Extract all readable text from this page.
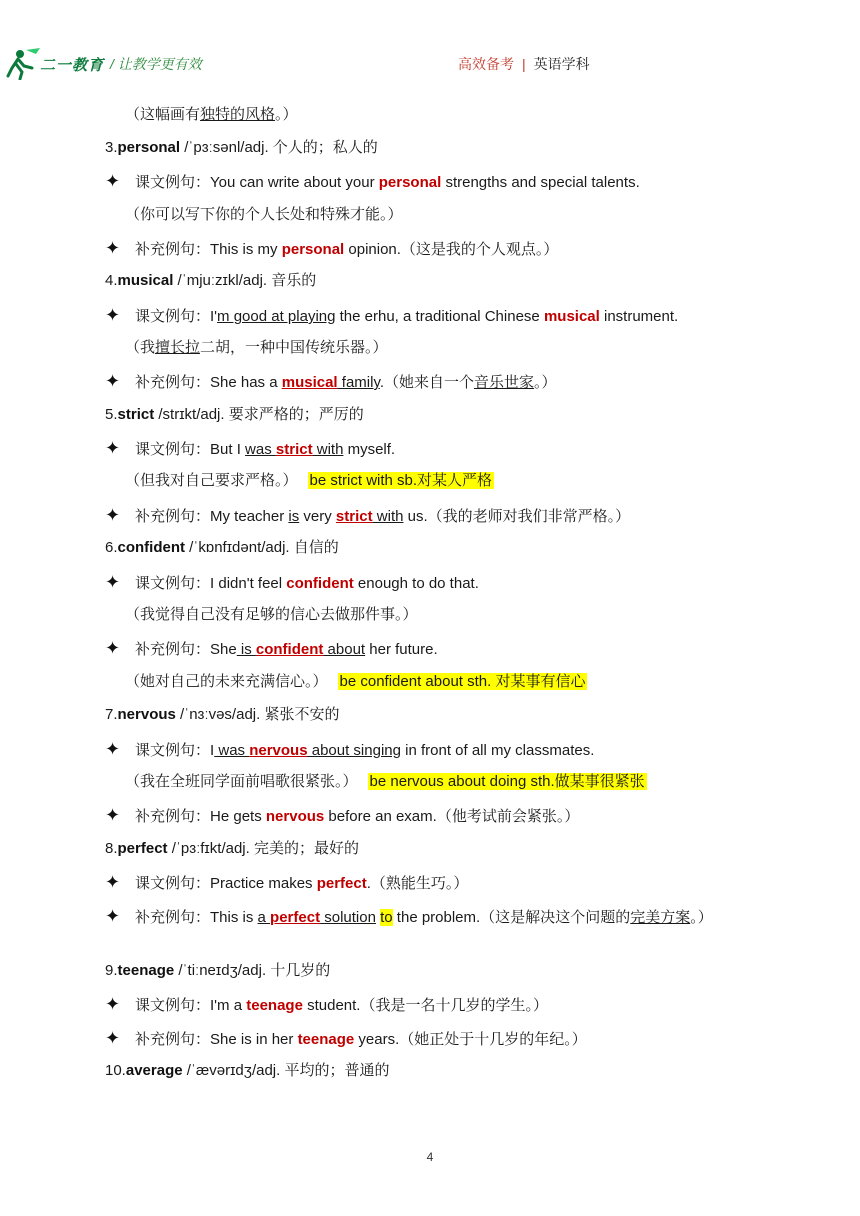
二一教育 / 让教学更有效	高效备考 | 英语学科
（这幅画有独特的风格。）
3.personal /ˈpɜːsənl/adj. 个人的；私人的
✦ 课文例句：You can write about your personal strengths and special talents.
（你可以写下你的个人长处和特殊才能。）
✦ 补充例句：This is my personal opinion.（这是我的个人观点。）
4.musical /ˈmjuːzɪkl/adj. 音乐的
✦ 课文例句：I'm good at playing the erhu, a traditional Chinese musical instrument.
（我擅长拉二胡，一种中国传统乐器。）
✦ 补充例句：She has a musical family.（她来自一个音乐世家。）
5.strict /strɪkt/adj. 要求严格的；严厉的
✦ 课文例句：But I was strict with myself.
（但我对自己要求严格。） be strict with sb.对某人严格
✦ 补充例句：My teacher is very strict with us.（我的老师对我们非常严格。）
6.confident /ˈkɒnfɪdənt/adj. 自信的
✦ 课文例句：I didn't feel confident enough to do that.
（我觉得自己没有足够的信心去做那件事。）
✦ 补充例句：She is confident about her future.
（她对自己的未来充满信心。） be confident about sth. 对某事有信心
7.nervous /ˈnɜːvəs/adj. 紧张不安的
✦ 课文例句：I was nervous about singing in front of all my classmates.
（我在全班同学面前唱歌很紧张。） be nervous about doing sth.做某事很紧张
✦ 补充例句：He gets nervous before an exam.（他考试前会紧张。）
8.perfect /ˈpɜːfɪkt/adj. 完美的；最好的
✦ 课文例句：Practice makes perfect.（熟能生巧。）
✦ 补充例句：This is a perfect solution to the problem.（这是解决这个问题的完美方案。）
9.teenage /ˈtiːneɪdʒ/adj. 十几岁的
✦ 课文例句：I'm a teenage student.（我是一名十几岁的学生。）
✦ 补充例句：She is in her teenage years.（她正处于十几岁的年纪。）
10.average /ˈævərɪdʒ/adj. 平均的；普通的
4
